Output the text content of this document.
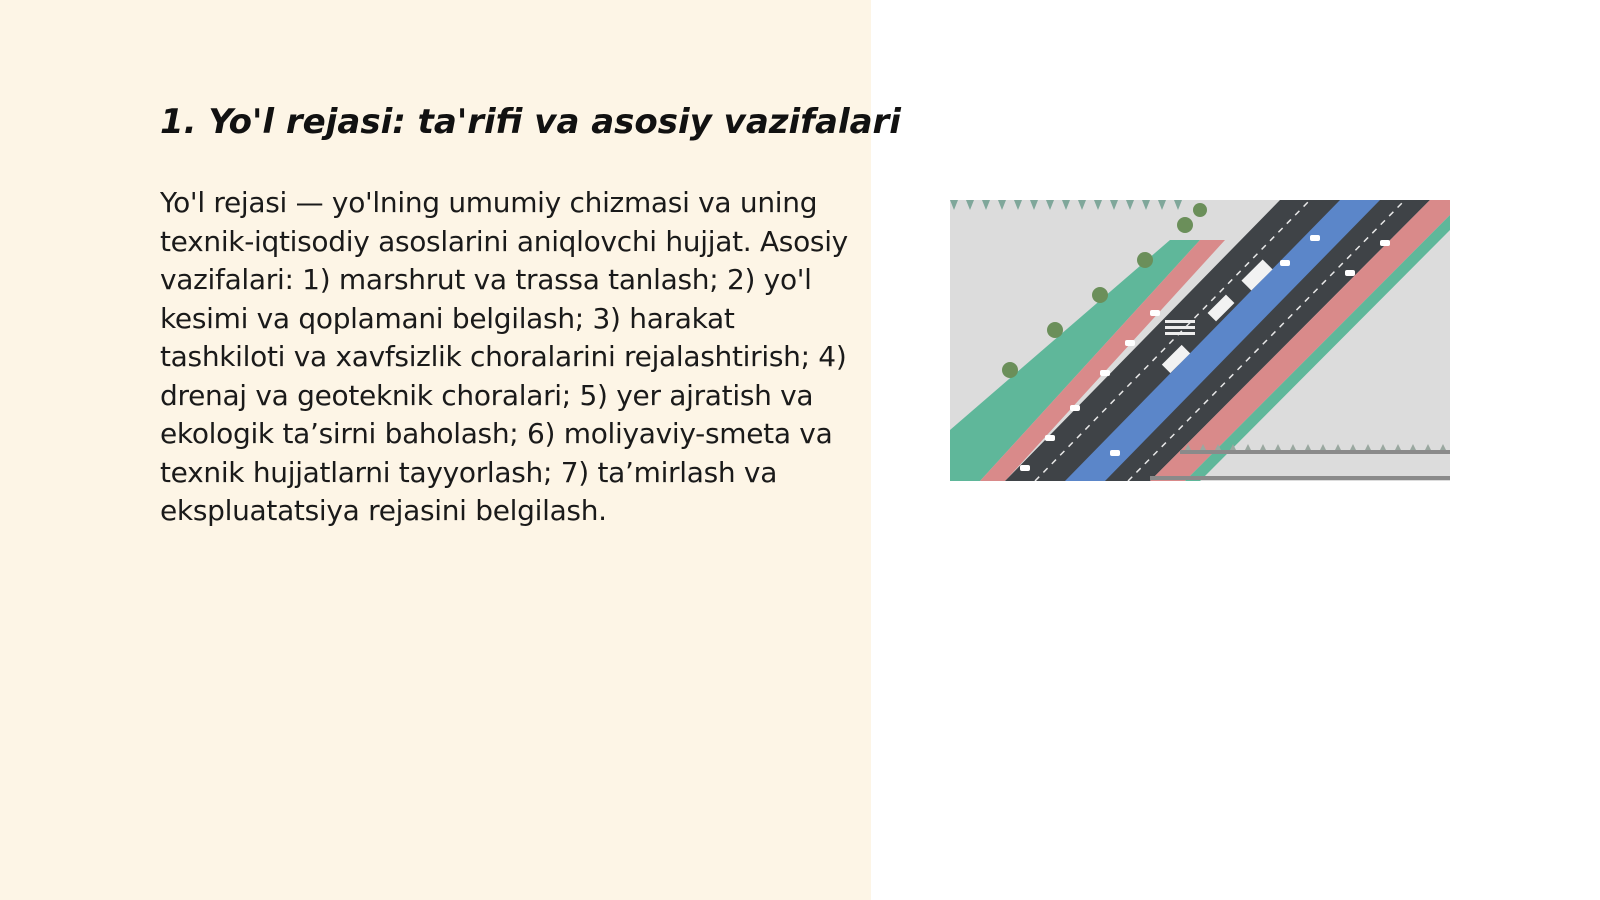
1. Yo'l rejasi: ta'rifi va asosiy vazifalari

Yo'l rejasi — yo'lning umumiy chizmasi va uning texnik-iqtisodiy asoslarini aniqlovchi hujjat. Asosiy vazifalari: 1) marshrut va trassa tanlash; 2) yo'l kesimi va qoplamani belgilash; 3) harakat tashkiloti va xavfsizlik choralarini rejalashtirish; 4) drenaj va geoteknik choralari; 5) yer ajratish va ekologik ta’sirni baholash; 6) moliyaviy-smeta va texnik hujjatlarni tayyorlash; 7) ta’mirlash va ekspluatatsiya rejasini belgilash.
